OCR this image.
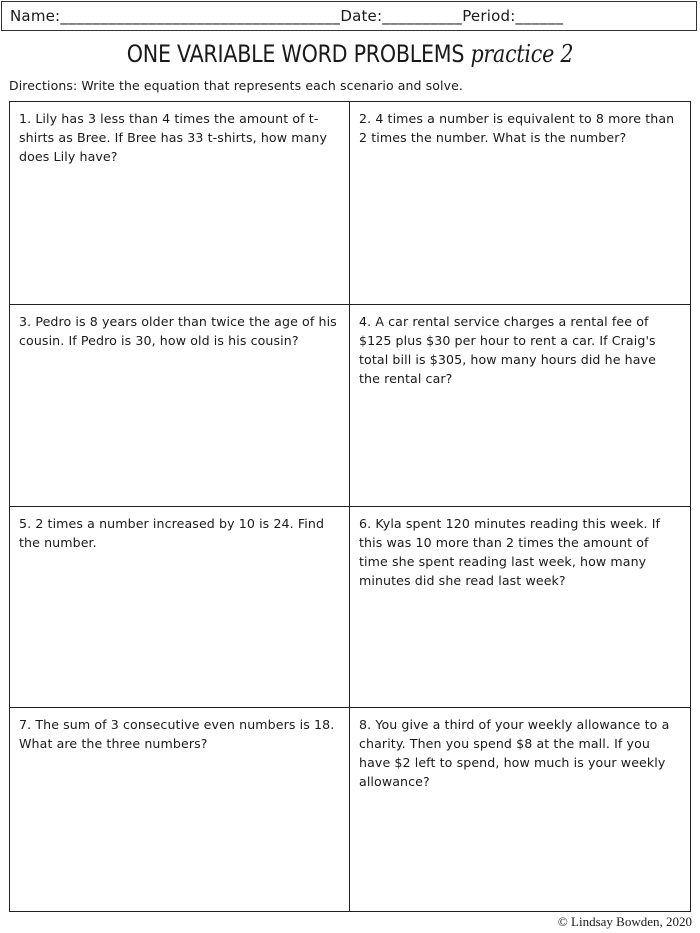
Name: ___________________________________ Date: __________ Period: ______
ONE VARIABLE WORD PROBLEMS practice 2
Directions: Write the equation that represents each scenario and solve.
1. Lily has 3 less than 4 times the amount of t-shirts as Bree. If Bree has 33 t-shirts, how many does Lily have?
2. 4 times a number is equivalent to 8 more than 2 times the number. What is the number?
3. Pedro is 8 years older than twice the age of his cousin. If Pedro is 30, how old is his cousin?
4. A car rental service charges a rental fee of $125 plus $30 per hour to rent a car. If Craig's total bill is $305, how many hours did he have the rental car?
5. 2 times a number increased by 10 is 24. Find the number.
6. Kyla spent 120 minutes reading this week. If this was 10 more than 2 times the amount of time she spent reading last week, how many minutes did she read last week?
7. The sum of 3 consecutive even numbers is 18. What are the three numbers?
8. You give a third of your weekly allowance to a charity. Then you spend $8 at the mall. If you have $2 left to spend, how much is your weekly allowance?
© Lindsay Bowden, 2020
